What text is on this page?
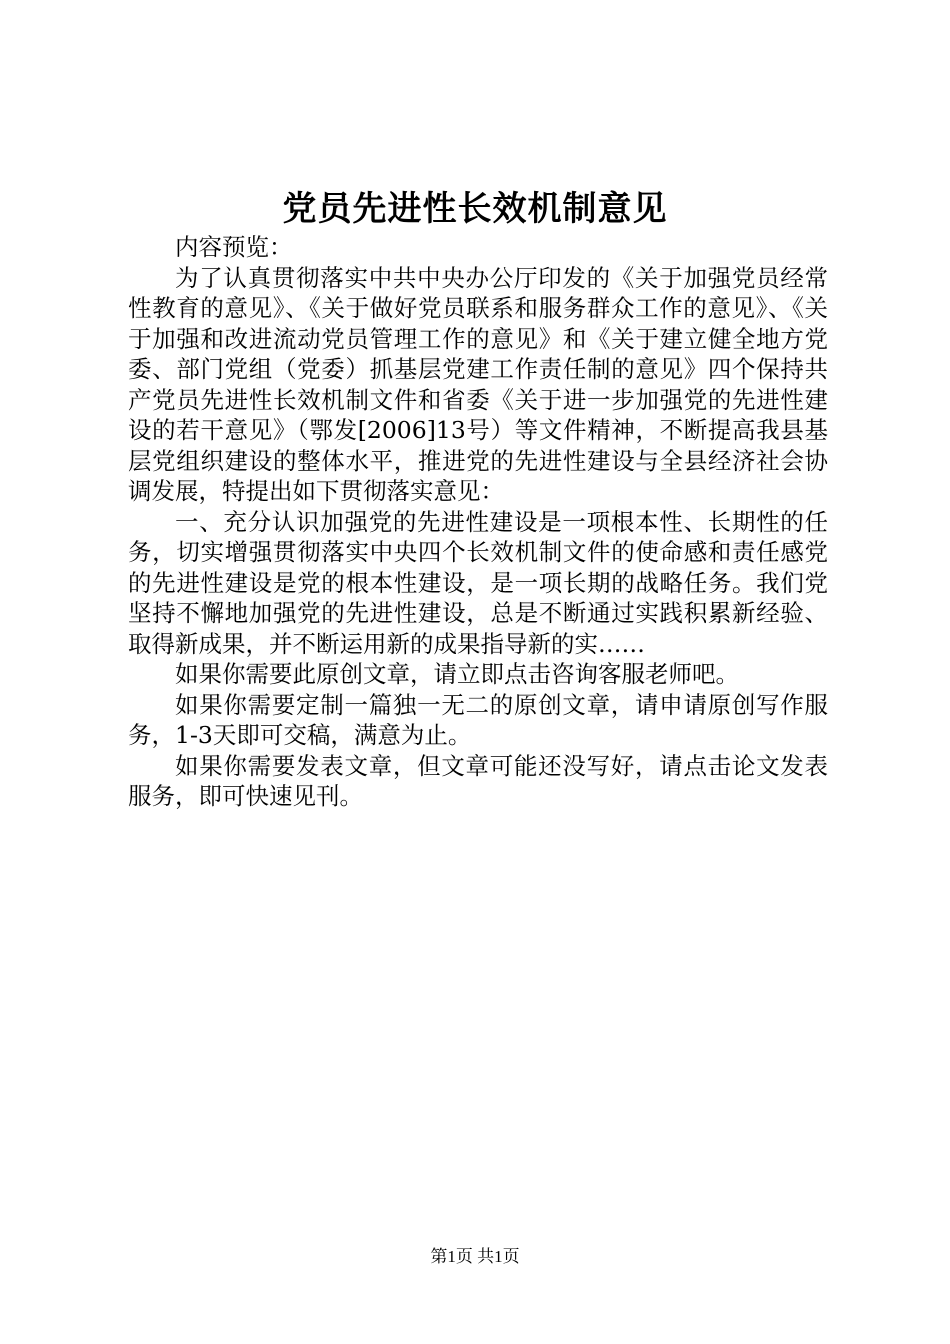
党员先进性长效机制意见

内容预览：

为了认真贯彻落实中共中央办公厅印发的《关于加强党员经常性教育的意见》、《关于做好党员联系和服务群众工作的意见》、《关于加强和改进流动党员管理工作的意见》和《关于建立健全地方党委、部门党组（党委）抓基层党建工作责任制的意见》四个保持共产党员先进性长效机制文件和省委《关于进一步加强党的先进性建设的若干意见》（鄂发[2006]13号）等文件精神，不断提高我县基层党组织建设的整体水平，推进党的先进性建设与全县经济社会协调发展，特提出如下贯彻落实意见：

一、充分认识加强党的先进性建设是一项根本性、长期性的任务，切实增强贯彻落实中央四个长效机制文件的使命感和责任感党的先进性建设是党的根本性建设，是一项长期的战略任务。我们党坚持不懈地加强党的先进性建设，总是不断通过实践积累新经验、取得新成果，并不断运用新的成果指导新的实……

如果你需要此原创文章，请立即点击咨询客服老师吧。

如果你需要定制一篇独一无二的原创文章，请申请原创写作服务，1-3天即可交稿，满意为止。

如果你需要发表文章，但文章可能还没写好，请点击论文发表服务，即可快速见刊。

第1页 共1页
